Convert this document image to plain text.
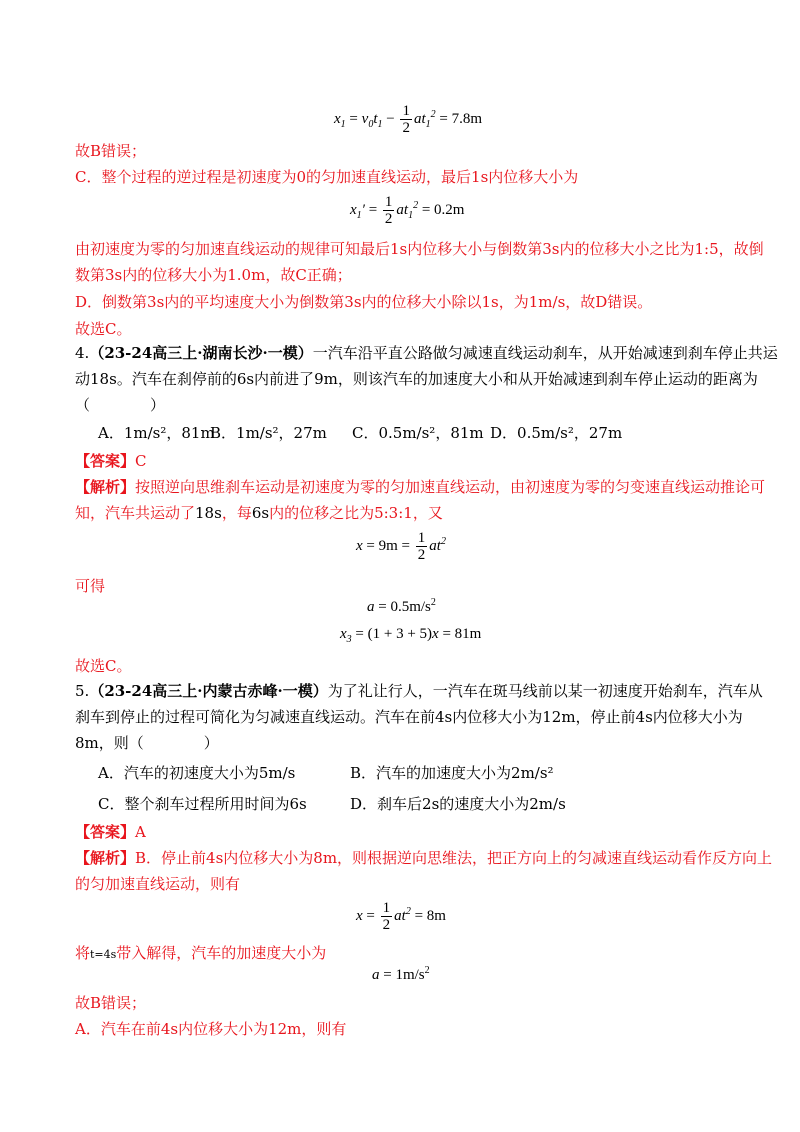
$x_1 = v_0t_1 - \frac{1}{2} at_1^2 = 7.8m$
故B错误；
C．整个过程的逆过程是初速度为0的匀加速直线运动，最后1s内位移大小为
$x_1' = \frac{1}{2} at_1^2 = 0.2m$
由初速度为零的匀加速直线运动的规律可知最后1s内位移大小与倒数第3s内的位移大小之比为1:5，故倒
数第3s内的位移大小为1.0m，故C正确；
D．倒数第3s内的平均速度大小为倒数第3s内的位移大小除以1s，为1m/s，故D错误。
故选C。
4.（23-24高三上·湖南长沙·一模）一汽车沿平直公路做匀减速直线运动刹车，从开始减速到刹车停止共运
动18s。汽车在刹停前的6s内前进了9m，则该汽车的加速度大小和从开始减速到刹车停止运动的距离为
（　　　　）
A．1m/s²，81m
B．1m/s²，27m C．0.5m/s²，81m D．0.5m/s²，27m
【答案】C
【解析】按照逆向思维刹车运动是初速度为零的匀加速直线运动，由初速度为零的匀变速直线运动推论可
知，汽车共运动了18s，每6s内的位移之比为5:3:1，又
$x = 9m = \frac{1}{2} at^2$
可得
$a = 0.5m/s^2$
$x_3 = (1 + 3 + 5)x = 81m$
故选C。
5.（23-24高三上·内蒙古赤峰·一模）为了礼让行人，一汽车在斑马线前以某一初速度开始刹车，汽车从
刹车到停止的过程可简化为匀减速直线运动。汽车在前4s内位移大小为12m，停止前4s内位移大小为
8m，则（　　　　）
A．汽车的初速度大小为5m/s	B．汽车的加速度大小为2m/s²
C．整个刹车过程所用时间为6s	D．刹车后2s的速度大小为2m/s
【答案】A
【解析】B．停止前4s内位移大小为8m，则根据逆向思维法，把正方向上的匀减速直线运动看作反方向上
的匀加速直线运动，则有
$x = \frac{1}{2} at^2 = 8m$
将t=4s带入解得，汽车的加速度大小为
$a = 1m/s^2$
故B错误；
A．汽车在前4s内位移大小为12m，则有
